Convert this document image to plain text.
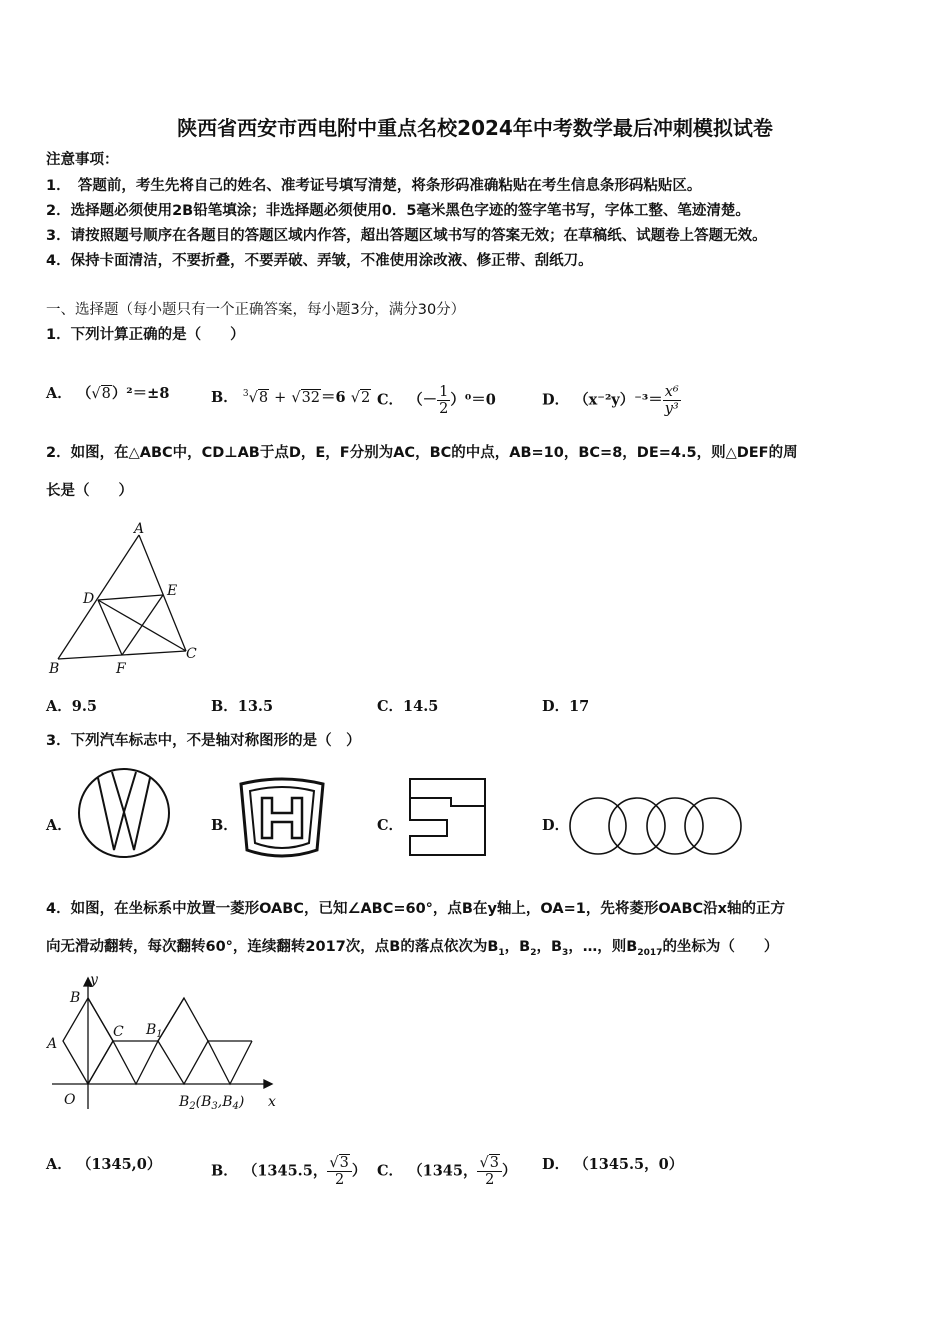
陕西省西安市西电附中重点名校2024年中考数学最后冲刺模拟试卷
注意事项：
1．　答题前，考生先将自己的姓名、准考证号填写清楚，将条形码准确粘贴在考生信息条形码粘贴区。
2．选择题必须使用2B铅笔填涂；非选择题必须使用0．5毫米黑色字迹的签字笔书写，字体工整、笔迹清楚。
3．请按照题号顺序在各题目的答题区域内作答，超出答题区域书写的答案无效；在草稿纸、试题卷上答题无效。
4．保持卡面清洁，不要折叠，不要弄破、弄皱，不准使用涂改液、修正带、刮纸刀。
一、选择题（每小题只有一个正确答案，每小题3分，满分30分）
1．下列计算正确的是（　　）
A． （√8）²＝±8	B． $^3$√8 + √32＝6 √2 C． （－ $\frac{1}{2} )^0=0$	D． $(x^{-2}y)^{-3}= \frac{\text{x⁶}}{\text{y³}}$
2．如图，在△ABC中，CD⊥AB于点D，E，F分别为AC，BC的中点，AB=10，BC=8，DE=4.5，则△DEF的周
长是（　　）
A
E
D
B	F
C
A．9.5	B．13.5	C．14.5	D．17
3．下列汽车标志中，不是轴对称图形的是（　）
A．	B．	C．	D．
4．如图，在坐标系中放置一菱形OABC，已知∠ABC=60°，点B在y轴上，OA=1，先将菱形OABC沿x轴的正方
向无滑动翻转，每次翻转60°，连续翻转2017次，点B的落点依次为$B_1$，$B_2$，$B_3$，…，则$B_{2017}$的坐标为（　　）
y
B
C $B_1$
A
O	$B_2(B_3,B_4)$ x
A． （1345,0）	B． （1345.5， $\frac{√3}{2}$ ） C． （1345， $\frac{√3}{2}$ ） D． （1345.5，0）
